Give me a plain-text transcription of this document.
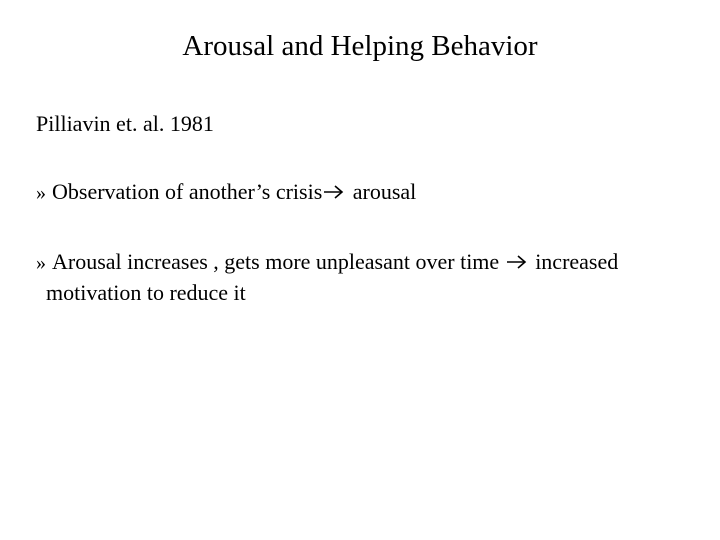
Arousal and Helping Behavior
Pilliavin et. al. 1981
» Observation of another’s crisis
arousal
» Arousal increases , gets more unpleasant over time
increased
motivation to reduce it
